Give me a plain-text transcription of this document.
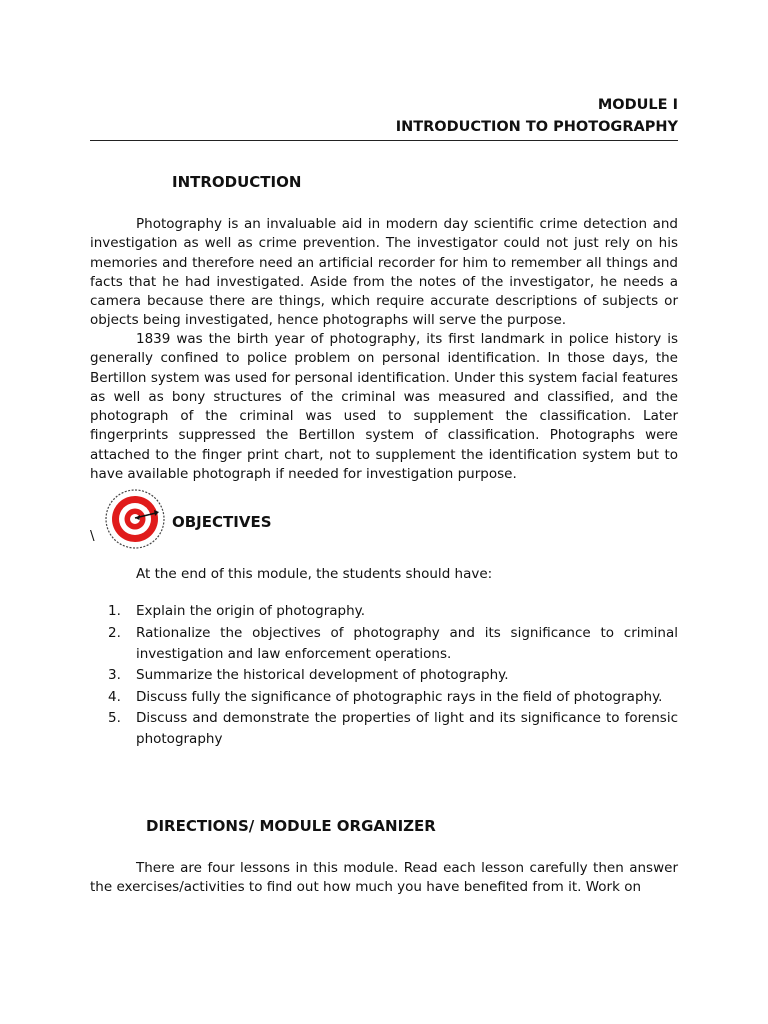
MODULE I
INTRODUCTION TO PHOTOGRAPHY
INTRODUCTION

Photography is an invaluable aid in modern day scientific crime detection and investigation as well as crime prevention. The investigator could not just rely on his memories and therefore need an artificial recorder for him to remember all things and facts that he had investigated. Aside from the notes of the investigator, he needs a camera because there are things, which require accurate descriptions of subjects or objects being investigated, hence photographs will serve the purpose.

1839 was the birth year of photography, its first landmark in police history is generally confined to police problem on personal identification. In those days, the Bertillon system was used for personal identification. Under this system facial features as well as bony structures of the criminal was measured and classified, and the photograph of the criminal was used to supplement the classification. Later fingerprints suppressed the Bertillon system of classification. Photographs were attached to the finger print chart, not to supplement the identification system but to have available photograph if needed for investigation purpose.

\
OBJECTIVES
At the end of this module, the students should have:
1.	Explain the origin of photography.
2.	Rationalize the objectives of photography and its significance to criminal investigation and law enforcement operations.
3.	Summarize the historical development of photography.
4.	Discuss fully the significance of photographic rays in the field of photography.
5.	Discuss and demonstrate the properties of light and its significance to forensic photography
DIRECTIONS/ MODULE ORGANIZER

There are four lessons in this module. Read each lesson carefully then answer the exercises/activities to find out how much you have benefited from it. Work on
